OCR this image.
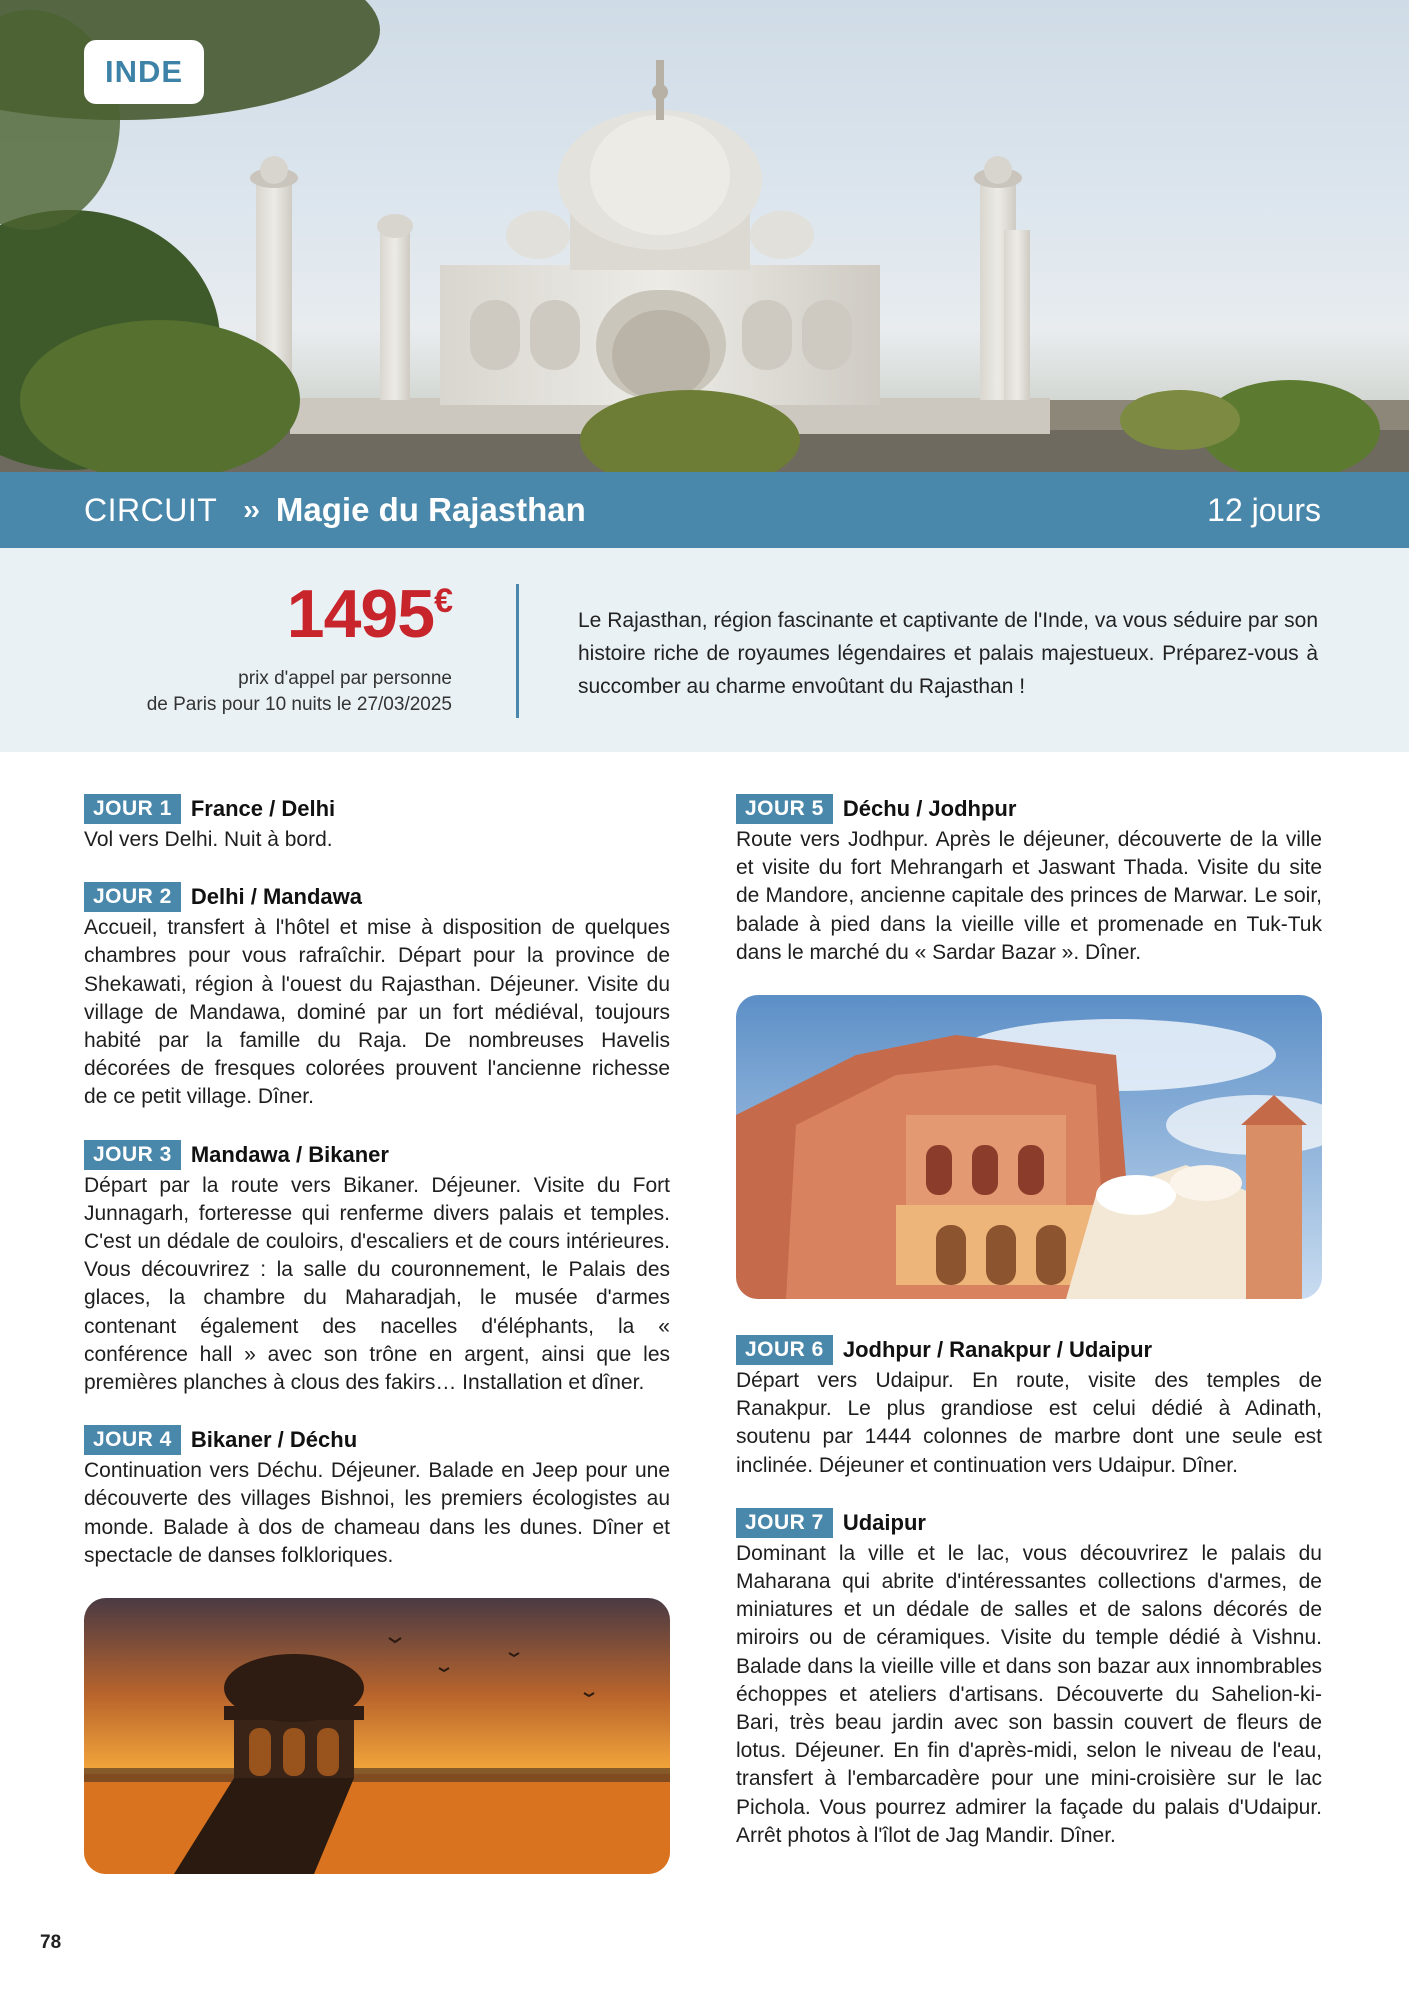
INDE
CIRCUIT ›› Magie du Rajasthan	12 jours
1495€
prix d'appel par personne
de Paris pour 10 nuits le 27/03/2025
Le Rajasthan, région fascinante et captivante de l'Inde, va vous séduire par son histoire riche de royaumes légendaires et palais majestueux. Préparez-vous à succomber au charme envoûtant du Rajasthan !
JOUR 1 France / Delhi
Vol vers Delhi. Nuit à bord.
JOUR 2 Delhi / Mandawa
Accueil, transfert à l'hôtel et mise à disposition de quelques chambres pour vous rafraîchir. Départ pour la province de Shekawati, région à l'ouest du Rajasthan. Déjeuner. Visite du village de Mandawa, dominé par un fort médiéval, toujours habité par la famille du Raja. De nombreuses Havelis décorées de fresques colorées prouvent l'ancienne richesse de ce petit village. Dîner.
JOUR 3 Mandawa / Bikaner
Départ par la route vers Bikaner. Déjeuner. Visite du Fort Junnagarh, forteresse qui renferme divers palais et temples. C'est un dédale de couloirs, d'escaliers et de cours intérieures. Vous découvrirez : la salle du couronnement, le Palais des glaces, la chambre du Maharadjah, le musée d'armes contenant également des nacelles d'éléphants, la « conférence hall » avec son trône en argent, ainsi que les premières planches à clous des fakirs… Installation et dîner.
JOUR 4 Bikaner / Déchu
Continuation vers Déchu. Déjeuner. Balade en Jeep pour une découverte des villages Bishnoi, les premiers écologistes au monde. Balade à dos de chameau dans les dunes. Dîner et spectacle de danses folkloriques.
JOUR 5 Déchu / Jodhpur
Route vers Jodhpur. Après le déjeuner, découverte de la ville et visite du fort Mehrangarh et Jaswant Thada. Visite du site de Mandore, ancienne capitale des princes de Marwar. Le soir, balade à pied dans la vieille ville et promenade en Tuk-Tuk dans le marché du « Sardar Bazar ». Dîner.
JOUR 6 Jodhpur / Ranakpur / Udaipur
Départ vers Udaipur. En route, visite des temples de Ranakpur. Le plus grandiose est celui dédié à Adinath, soutenu par 1444 colonnes de marbre dont une seule est inclinée. Déjeuner et continuation vers Udaipur. Dîner.
JOUR 7 Udaipur
Dominant la ville et le lac, vous découvrirez le palais du Maharana qui abrite d'intéressantes collections d'armes, de miniatures et un dédale de salles et de salons décorés de miroirs ou de céramiques. Visite du temple dédié à Vishnu. Balade dans la vieille ville et dans son bazar aux innombrables échoppes et ateliers d'artisans. Découverte du Sahelion-ki-Bari, très beau jardin avec son bassin couvert de fleurs de lotus. Déjeuner. En fin d'après-midi, selon le niveau de l'eau, transfert à l'embarcadère pour une mini-croisière sur le lac Pichola. Vous pourrez admirer la façade du palais d'Udaipur. Arrêt photos à l'îlot de Jag Mandir. Dîner.
78
